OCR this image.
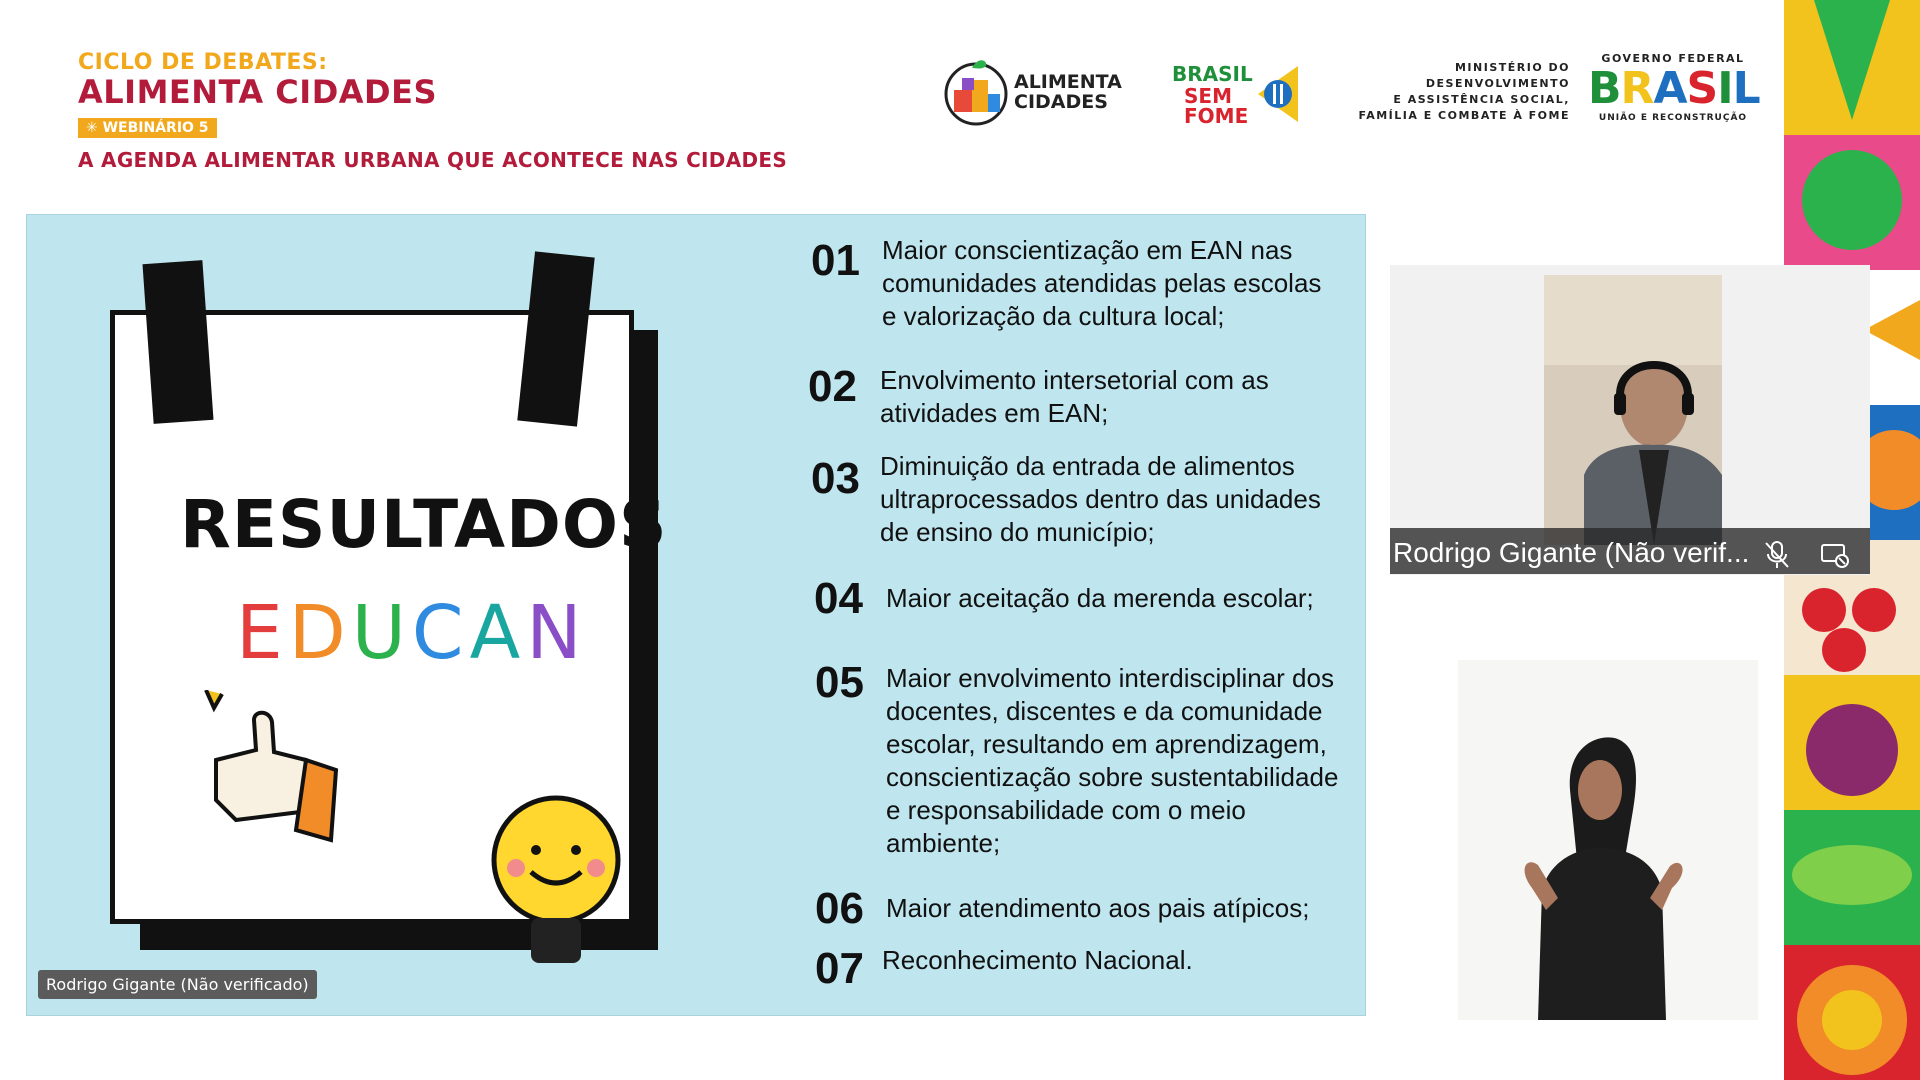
CICLO DE DEBATES:
ALIMENTA CIDADES
✳ WEBINÁRIO 5
A AGENDA ALIMENTAR URBANA QUE ACONTECE NAS CIDADES
ALIMENTA
CIDADES
BRASIL
SEM
FOME
MINISTÉRIO DO
DESENVOLVIMENTO
E ASSISTÊNCIA SOCIAL,
FAMÍLIA E COMBATE À FOME
GOVERNO FEDERAL
BRASIL
UNIÃO E RECONSTRUÇÃO
RESULTADOS
EDUCAN
01 Maior conscientização em EAN nas comunidades atendidas pelas escolas e valorização da cultura local;
02 Envolvimento intersetorial com as atividades em EAN;
03 Diminuição da entrada de alimentos ultraprocessados dentro das unidades de ensino do município;
04 Maior aceitação da merenda escolar;
05 Maior envolvimento interdisciplinar dos docentes, discentes e da comunidade escolar, resultando em aprendizagem, conscientização sobre sustentabilidade e responsabilidade com o meio ambiente;
06 Maior atendimento aos pais atípicos;
07 Reconhecimento Nacional.
Rodrigo Gigante (Não verificado)
Rodrigo Gigante (Não verif...
